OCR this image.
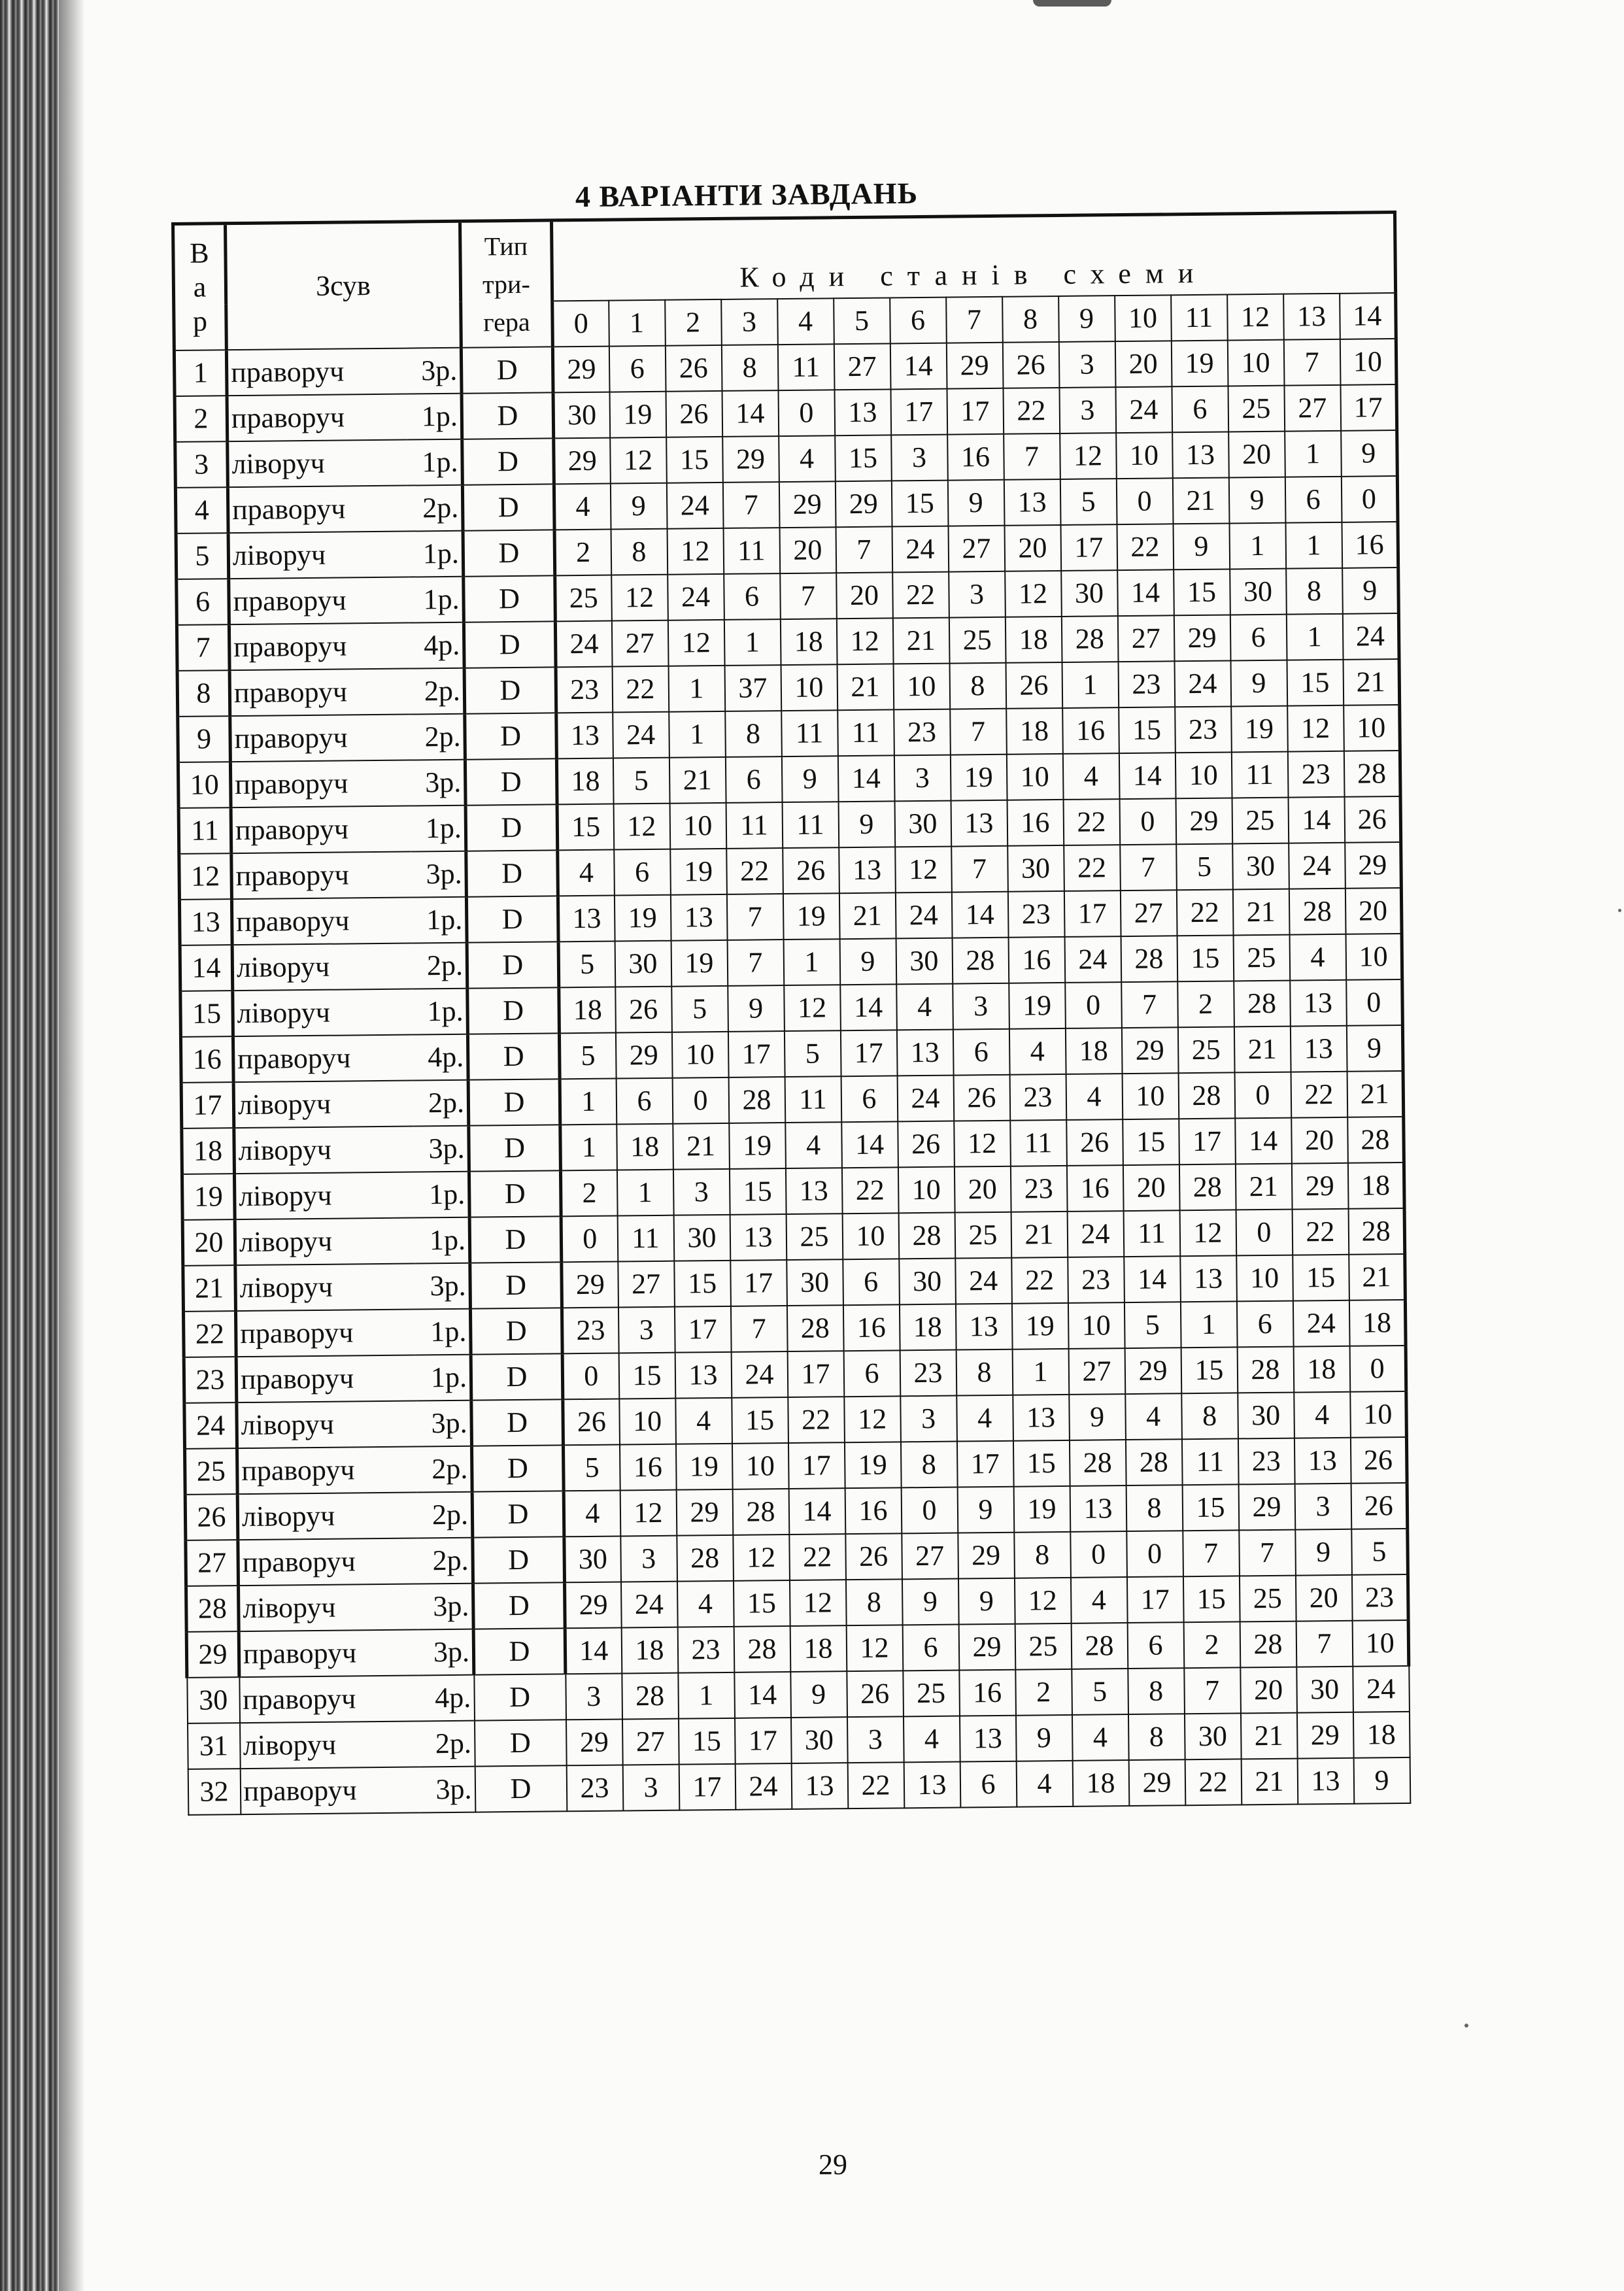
4 ВАРІАНТИ ЗАВДАНЬ
В
а
р	Зсув		Тип
три-
гера	Коди станів схеми														
				0	1	2	3	4	5	6	7	8	9	10	11	12	13	14
1	праворуч	3р.	D	29	6	26	8	11	27	14	29	26	3	20	19	10	7	10
2	праворуч	1р.	D	30	19	26	14	0	13	17	17	22	3	24	6	25	27	17
3	ліворуч	1р.	D	29	12	15	29	4	15	3	16	7	12	10	13	20	1	9
4	праворуч	2р.	D	4	9	24	7	29	29	15	9	13	5	0	21	9	6	0
5	ліворуч	1р.	D	2	8	12	11	20	7	24	27	20	17	22	9	1	1	16
6	праворуч	1р.	D	25	12	24	6	7	20	22	3	12	30	14	15	30	8	9
7	праворуч	4р.	D	24	27	12	1	18	12	21	25	18	28	27	29	6	1	24
8	праворуч	2р.	D	23	22	1	37	10	21	10	8	26	1	23	24	9	15	21
9	праворуч	2р.	D	13	24	1	8	11	11	23	7	18	16	15	23	19	12	10
10	праворуч	3р.	D	18	5	21	6	9	14	3	19	10	4	14	10	11	23	28
11	праворуч	1р.	D	15	12	10	11	11	9	30	13	16	22	0	29	25	14	26
12	праворуч	3р.	D	4	6	19	22	26	13	12	7	30	22	7	5	30	24	29
13	праворуч	1р.	D	13	19	13	7	19	21	24	14	23	17	27	22	21	28	20
14	ліворуч	2р.	D	5	30	19	7	1	9	30	28	16	24	28	15	25	4	10
15	ліворуч	1р.	D	18	26	5	9	12	14	4	3	19	0	7	2	28	13	0
16	праворуч	4р.	D	5	29	10	17	5	17	13	6	4	18	29	25	21	13	9
17	ліворуч	2р.	D	1	6	0	28	11	6	24	26	23	4	10	28	0	22	21
18	ліворуч	3р.	D	1	18	21	19	4	14	26	12	11	26	15	17	14	20	28
19	ліворуч	1р.	D	2	1	3	15	13	22	10	20	23	16	20	28	21	29	18
20	ліворуч	1р.	D	0	11	30	13	25	10	28	25	21	24	11	12	0	22	28
21	ліворуч	3р.	D	29	27	15	17	30	6	30	24	22	23	14	13	10	15	21
22	праворуч	1р.	D	23	3	17	7	28	16	18	13	19	10	5	1	6	24	18
23	праворуч	1р.	D	0	15	13	24	17	6	23	8	1	27	29	15	28	18	0
24	ліворуч	3р.	D	26	10	4	15	22	12	3	4	13	9	4	8	30	4	10
25	праворуч	2р.	D	5	16	19	10	17	19	8	17	15	28	28	11	23	13	26
26	ліворуч	2р.	D	4	12	29	28	14	16	0	9	19	13	8	15	29	3	26
27	праворуч	2р.	D	30	3	28	12	22	26	27	29	8	0	0	7	7	9	5
28	ліворуч	3р.	D	29	24	4	15	12	8	9	9	12	4	17	15	25	20	23
29	праворуч	3р.	D	14	18	23	28	18	12	6	29	25	28	6	2	28	7	10
30	праворуч	4р.	D	3	28	1	14	9	26	25	16	2	5	8	7	20	30	24
31	ліворуч	2р.	D	29	27	15	17	30	3	4	13	9	4	8	30	21	29	18
32	праворуч	3р.	D	23	3	17	24	13	22	13	6	4	18	29	22	21	13	9
29
